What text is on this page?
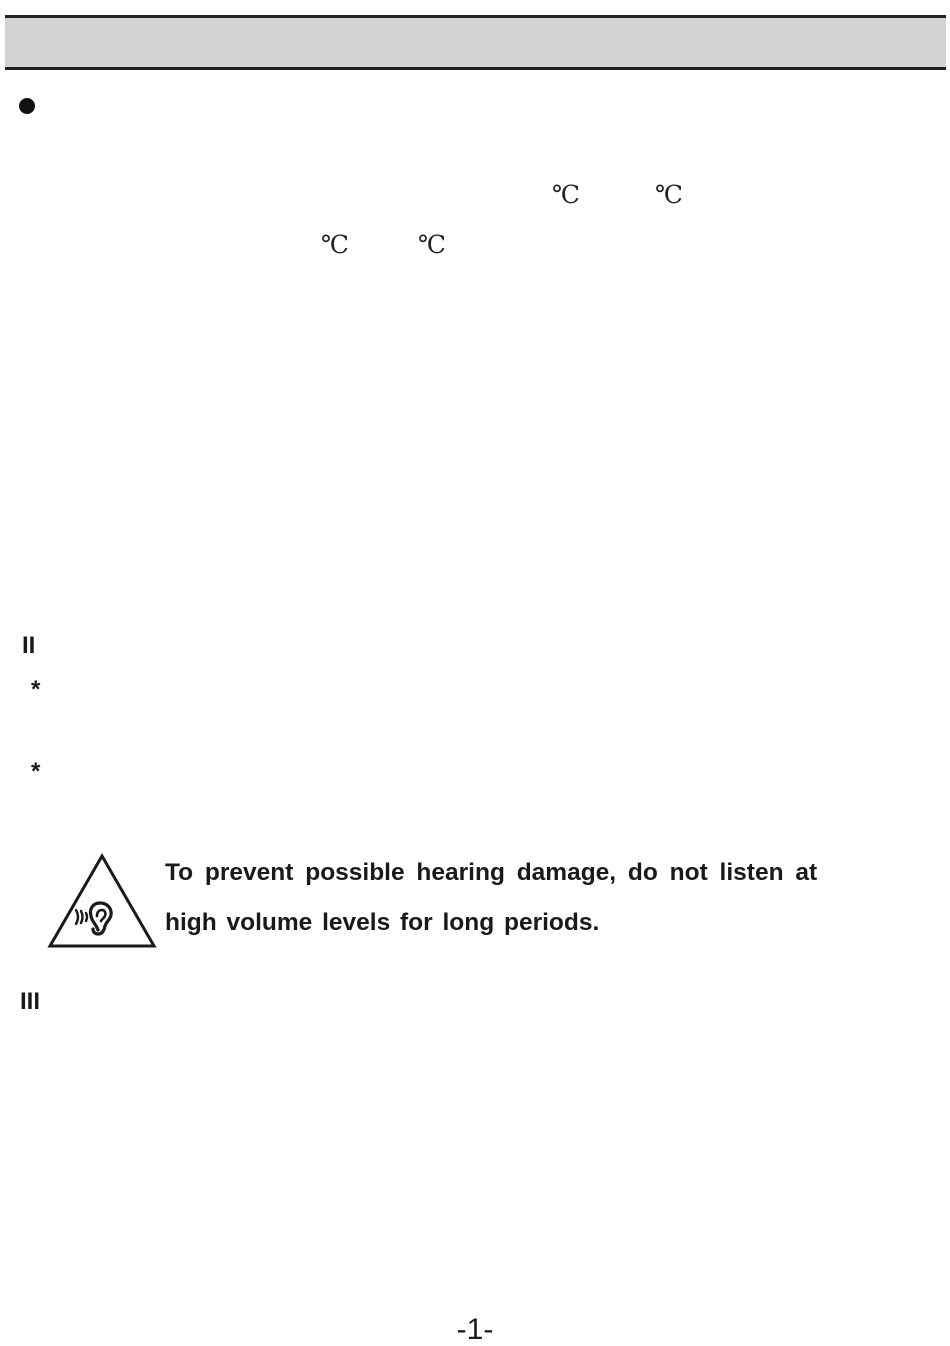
℃	℃
℃	℃
II
*
*
To prevent possible hearing damage, do not listen at
high volume levels for long periods.
III
-1-
